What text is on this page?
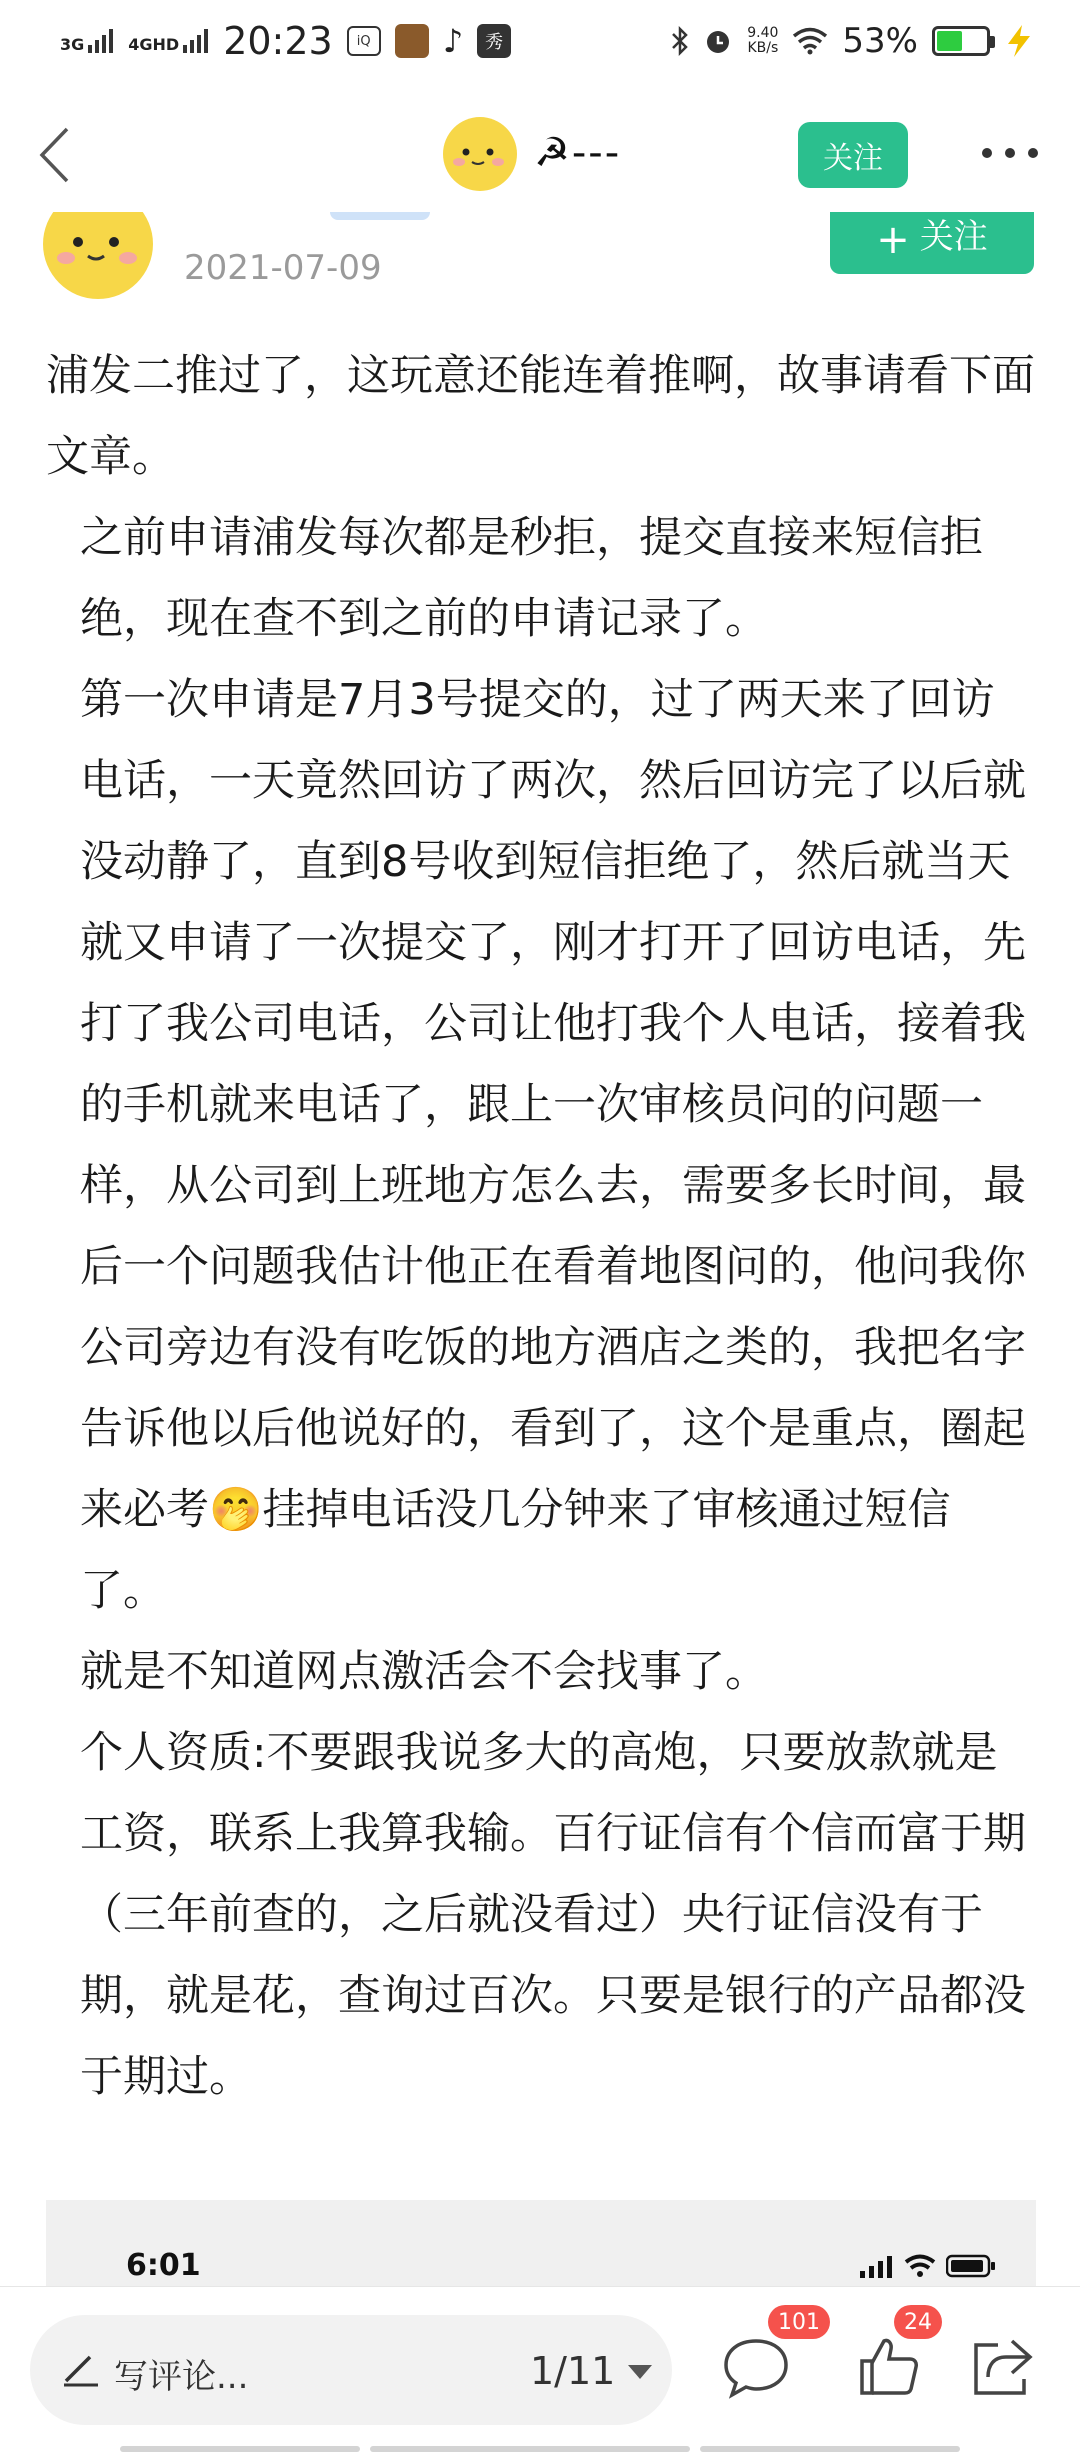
3G	4GHD 20:23	iQ	♪	秀	9.40
KB/s 53%
☭---	关注
2021-07-09
+ 关注

浦发二推过了，这玩意还能连着推啊，故事请看下面文章。

之前申请浦发每次都是秒拒，提交直接来短信拒绝，现在查不到之前的申请记录了。

第一次申请是7月3号提交的，过了两天来了回访电话，一天竟然回访了两次，然后回访完了以后就没动静了，直到8号收到短信拒绝了，然后就当天就又申请了一次提交了，刚才打开了回访电话，先打了我公司电话，公司让他打我个人电话，接着我的手机就来电话了，跟上一次审核员问的问题一样，从公司到上班地方怎么去，需要多长时间，最后一个问题我估计他正在看着地图问的，他问我你公司旁边有没有吃饭的地方酒店之类的，我把名字告诉他以后他说好的，看到了，这个是重点，圈起来必考🤭挂掉电话没几分钟来了审核通过短信了。

就是不知道网点激活会不会找事了。

个人资质:不要跟我说多大的高炮，只要放款就是工资，联系上我算我输。百行证信有个信而富于期（三年前查的，之后就没看过）央行证信没有于期，就是花，查询过百次。只要是银行的产品都没于期过。

6:01
写评论...	1/11
101	24
